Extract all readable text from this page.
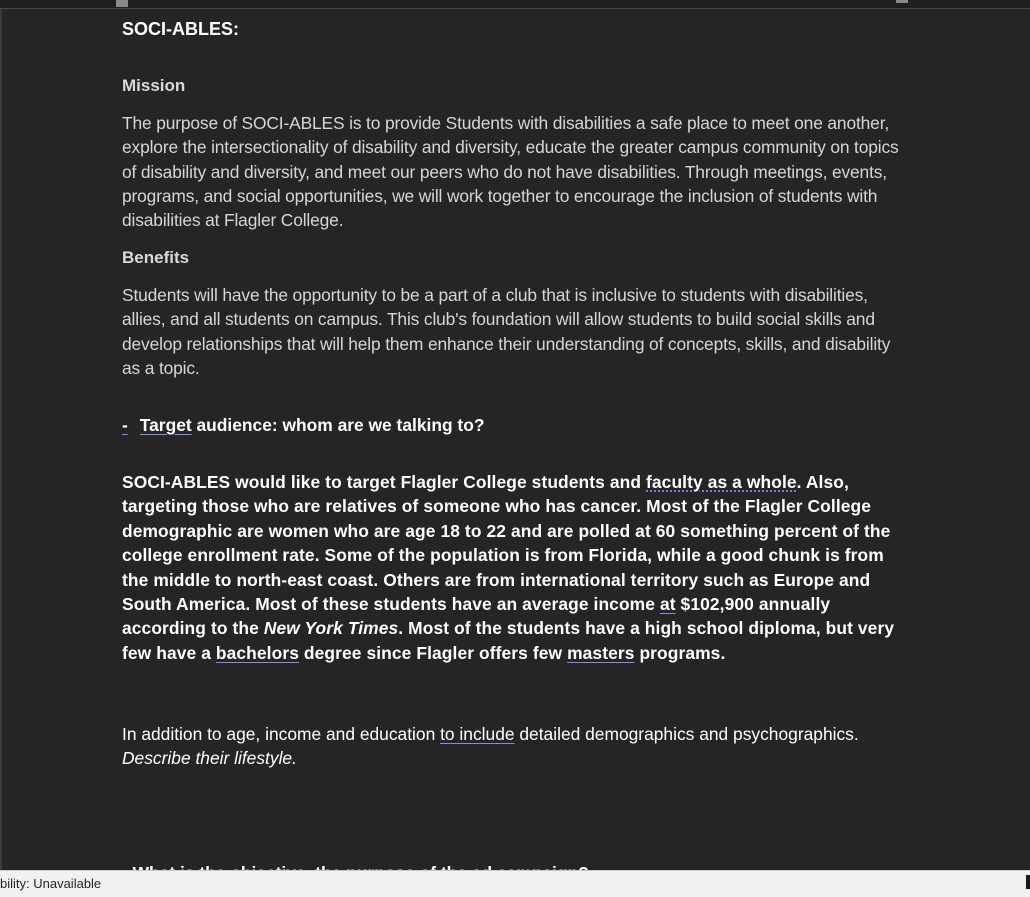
SOCI-ABLES:

Mission

The purpose of SOCI-ABLES is to provide Students with disabilities a safe place to meet one another, explore the intersectionality of disability and diversity, educate the greater campus community on topics of disability and diversity, and meet our peers who do not have disabilities. Through meetings, events, programs, and social opportunities, we will work together to encourage the inclusion of students with disabilities at Flagler College.

Benefits

Students will have the opportunity to be a part of a club that is inclusive to students with disabilities, allies, and all students on campus. This club's foundation will allow students to build social skills and develop relationships that will help them enhance their understanding of concepts, skills, and disability as a topic.

- Target audience: whom are we talking to?

SOCI-ABLES would like to target Flagler College students and faculty as a whole. Also, targeting those who are relatives of someone who has cancer. Most of the Flagler College demographic are women who are age 18 to 22 and are polled at 60 something percent of the college enrollment rate. Some of the population is from Florida, while a good chunk is from the middle to north-east coast. Others are from international territory such as Europe and South America. Most of these students have an average income at $102,900 annually according to the New York Times. Most of the students have a high school diploma, but very few have a bachelors degree since Flagler offers few masters programs.

In addition to age, income and education to include detailed demographics and psychographics. Describe their lifestyle.

bility: Unavailable
